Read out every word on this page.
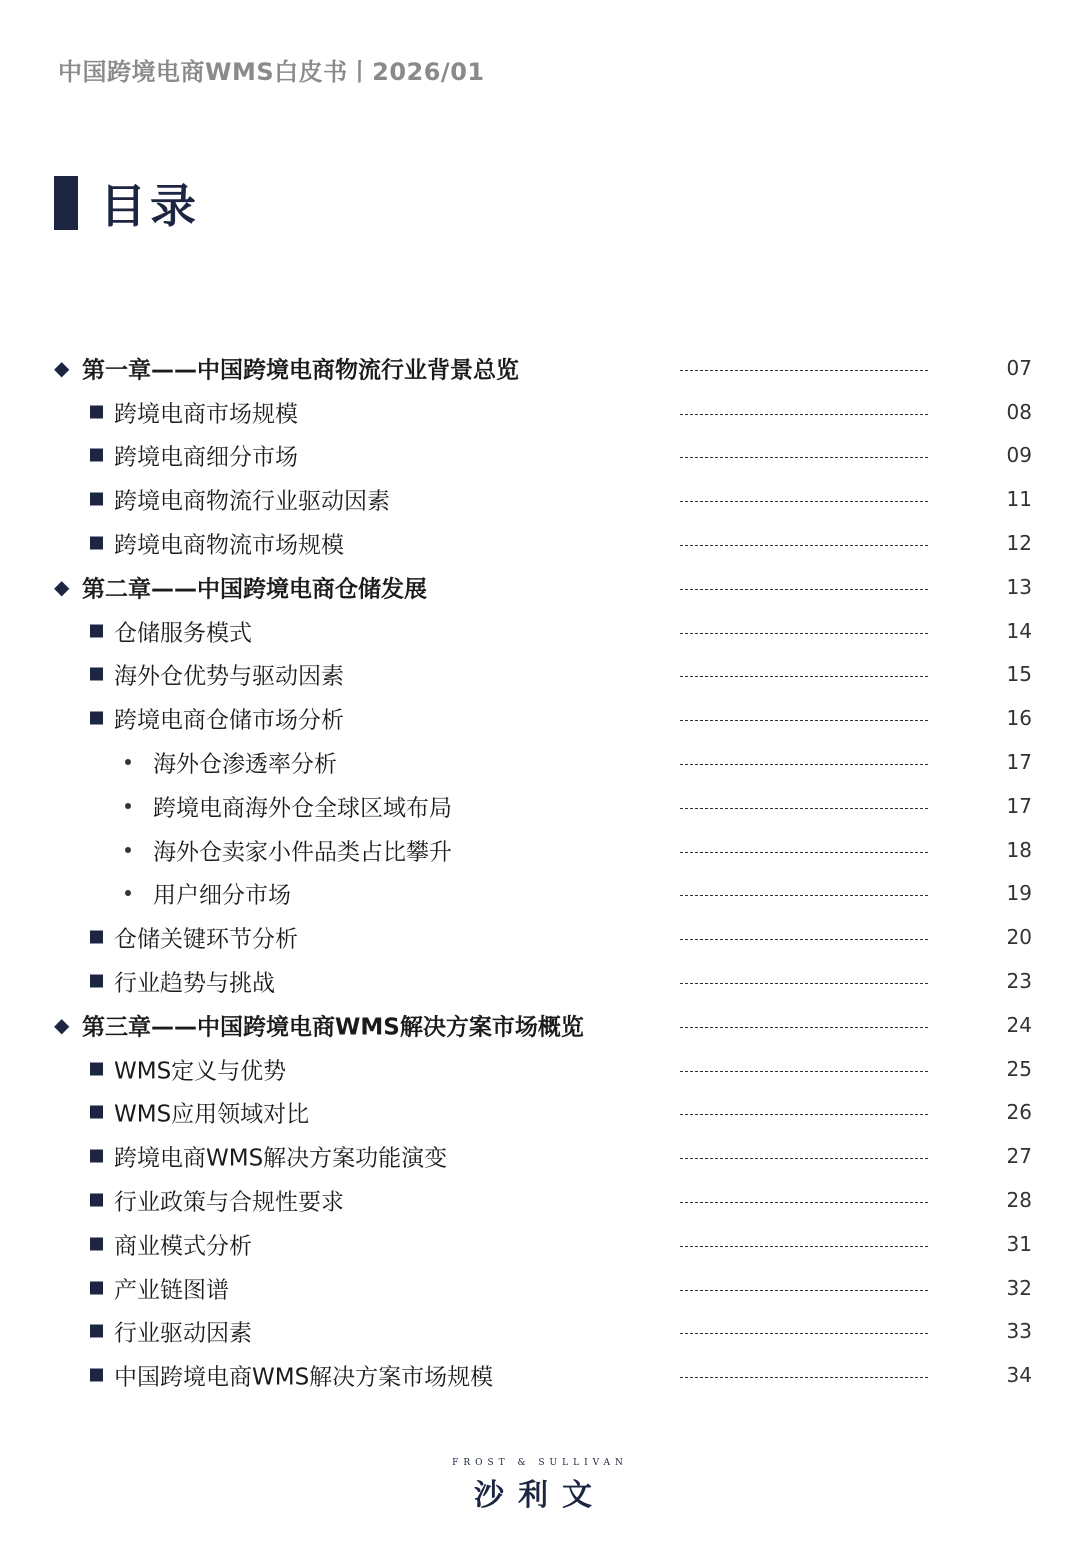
中国跨境电商WMS白皮书丨2026/01
目录
◆ 第一章——中国跨境电商物流行业背景总览	07
跨境电商市场规模	08
跨境电商细分市场	09
跨境电商物流行业驱动因素	11
跨境电商物流市场规模	12
◆ 第二章——中国跨境电商仓储发展	13
仓储服务模式	14
海外仓优势与驱动因素	15
跨境电商仓储市场分析	16
海外仓渗透率分析	17
跨境电商海外仓全球区域布局	17
海外仓卖家小件品类占比攀升	18
用户细分市场	19
仓储关键环节分析	20
行业趋势与挑战	23
◆ 第三章——中国跨境电商WMS解决方案市场概览	24
WMS定义与优势	25
WMS应用领域对比	26
跨境电商WMS解决方案功能演变	27
行业政策与合规性要求	28
商业模式分析	31
产业链图谱	32
行业驱动因素	33
中国跨境电商WMS解决方案市场规模	34
FROST & SULLIVAN
沙利文
